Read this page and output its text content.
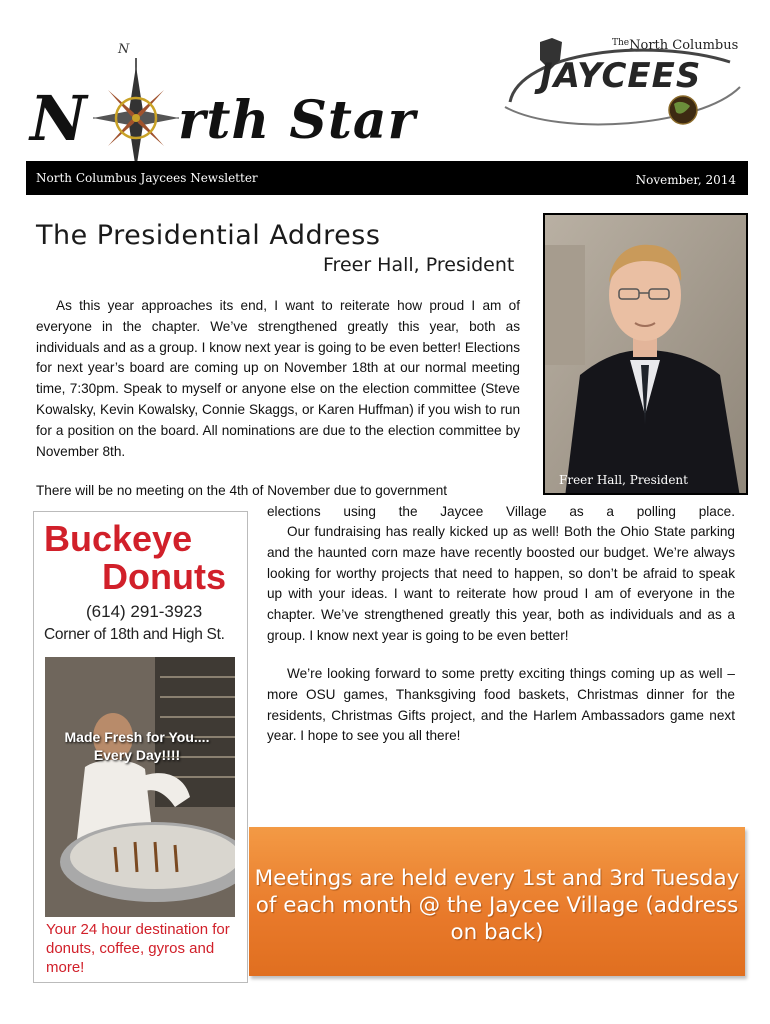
N
N rth Star
$^{The}$North Columbus
JAYCEES
North Columbus Jaycees Newsletter	November, 2014
The Presidential Address
Freer Hall, President
Freer Hall, President

As this year approaches its end, I want to reiterate how proud I am of everyone in the chapter. We’ve strengthened greatly this year, both as individuals and as a group. I know next year is going to be even better! Elections for next year’s board are coming up on November 18th at our normal meeting time, 7:30pm. Speak to myself or anyone else on the election committee (Steve Kowalsky, Kevin Kowalsky, Connie Skaggs, or Karen Huffman) if you wish to run for a position on the board. All nominations are due to the election committee by November 8th.

There will be no meeting on the 4th of November due to government

elections using the Jaycee Village as a polling place.

Our fundraising has really kicked up as well! Both the Ohio State parking and the haunted corn maze have recently boosted our budget. We’re always looking for worthy projects that need to happen, so don’t be afraid to speak up with your ideas. I want to reiterate how proud I am of everyone in the chapter. We’ve strengthened greatly this year, both as individuals and as a group. I know next year is going to be even better!

We’re looking forward to some pretty exciting things coming up as well – more OSU games, Thanksgiving food baskets, Christmas dinner for the residents, Christmas Gifts project, and the Harlem Ambassadors game next year. I hope to see you all there!

Buckeye
Donuts
(614) 291-3923
Corner of 18th and High St.
Made Fresh for You.... Every Day!!!!
Your 24 hour destination for donuts, coffee, gyros and more!
Meetings are held every 1st and 3rd Tuesday of each month @ the Jaycee Village (address on back)
